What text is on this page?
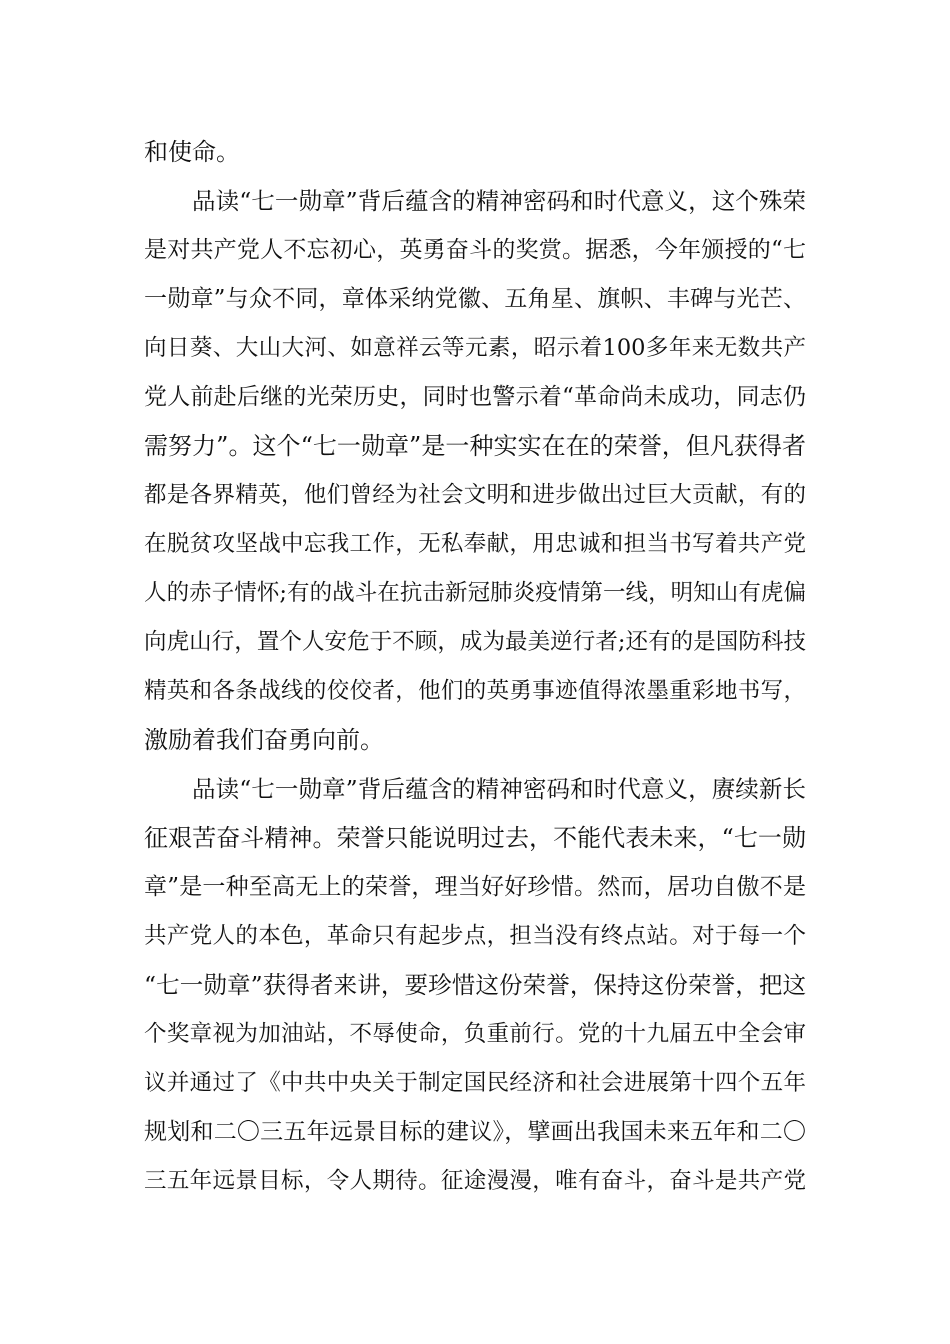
和使命。
品读“七一勋章”背后蕴含的精神密码和时代意义，这个殊荣
是对共产党人不忘初心，英勇奋斗的奖赏。据悉，今年颁授的“七
一勋章”与众不同，章体采纳党徽、五角星、旗帜、丰碑与光芒、
向日葵、大山大河、如意祥云等元素，昭示着100多年来无数共产
党人前赴后继的光荣历史，同时也警示着“革命尚未成功，同志仍
需努力”。这个“七一勋章”是一种实实在在的荣誉，但凡获得者
都是各界精英，他们曾经为社会文明和进步做出过巨大贡献，有的
在脱贫攻坚战中忘我工作，无私奉献，用忠诚和担当书写着共产党
人的赤子情怀;有的战斗在抗击新冠肺炎疫情第一线，明知山有虎偏
向虎山行，置个人安危于不顾，成为最美逆行者;还有的是国防科技
精英和各条战线的佼佼者，他们的英勇事迹值得浓墨重彩地书写，
激励着我们奋勇向前。
品读“七一勋章”背后蕴含的精神密码和时代意义，赓续新长
征艰苦奋斗精神。荣誉只能说明过去，不能代表未来，“七一勋
章”是一种至高无上的荣誉，理当好好珍惜。然而，居功自傲不是
共产党人的本色，革命只有起步点，担当没有终点站。对于每一个
“七一勋章”获得者来讲，要珍惜这份荣誉，保持这份荣誉，把这
个奖章视为加油站，不辱使命，负重前行。党的十九届五中全会审
议并通过了《中共中央关于制定国民经济和社会进展第十四个五年
规划和二〇三五年远景目标的建议》，擘画出我国未来五年和二〇
三五年远景目标，令人期待。征途漫漫，唯有奋斗，奋斗是共产党
